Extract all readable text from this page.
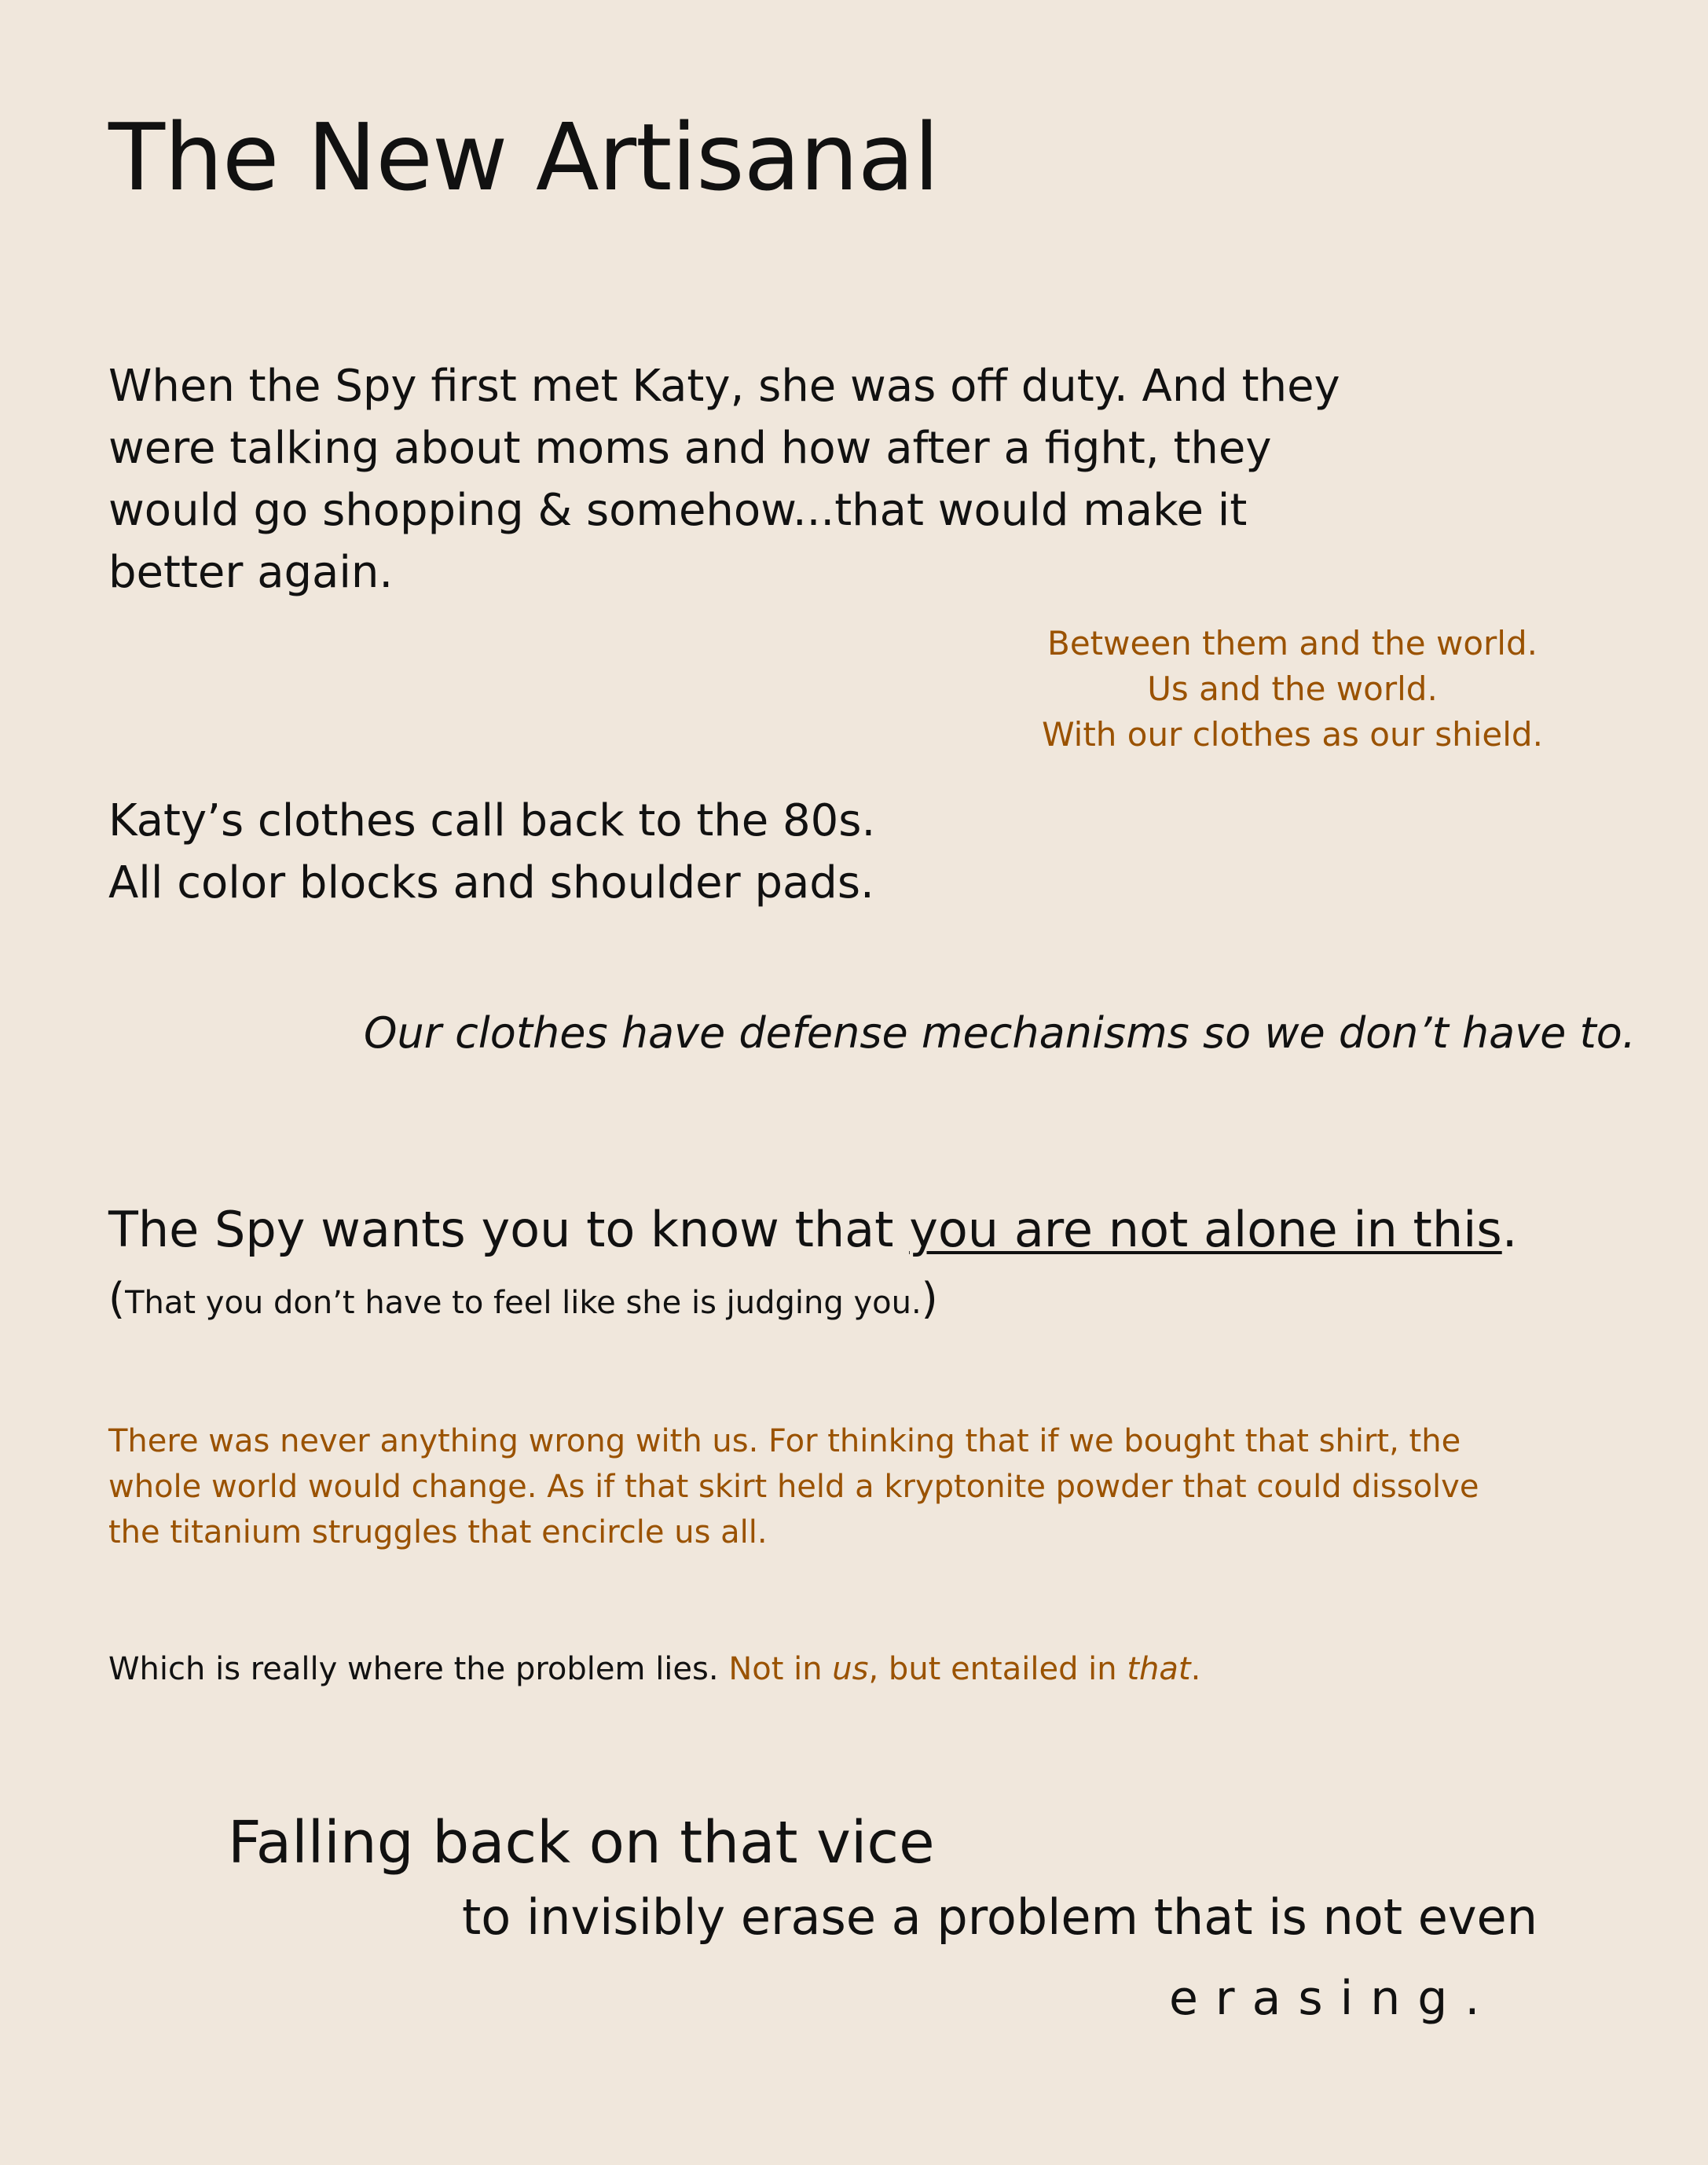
The New Artisanal
When the Spy first met Katy, she was off duty. And they
were talking about moms and how after a fight, they
would go shopping & somehow...that would make it
better again.
Between them and the world.
Us and the world.
With our clothes as our shield.
Katy’s clothes call back to the 80s.
All color blocks and shoulder pads.
Our clothes have defense mechanisms so we don’t have to.
The Spy wants you to know that you are not alone in this.
(That you don’t have to feel like she is judging you.)
There was never anything wrong with us. For thinking that if we bought that shirt, the
whole world would change. As if that skirt held a kryptonite powder that could dissolve
the titanium struggles that encircle us all.
Which is really where the problem lies. Not in us, but entailed in that.
Falling back on that vice
to invisibly erase a problem that is not even
erasing.
